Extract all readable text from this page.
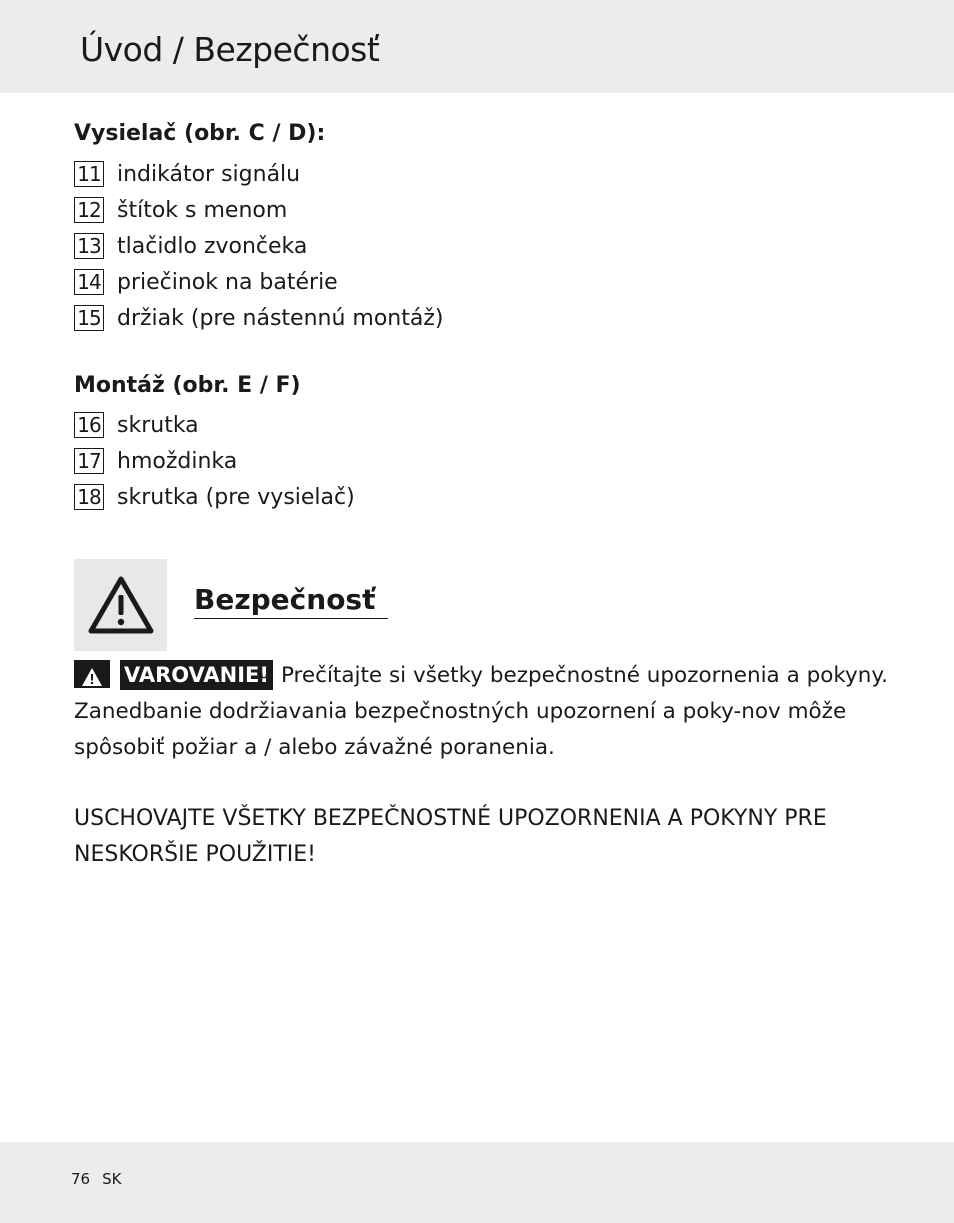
Úvod / Bezpečnosť
Vysielač (obr. C / D):
11 indikátor signálu
12 štítok s menom
13 tlačidlo zvončeka
14 priečinok na batérie
15 držiak (pre nástennú montáž)
Montáž (obr. E / F)
16 skrutka
17 hmoždinka
18 skrutka (pre vysielač)
Bezpečnosť

VAROVANIE! Prečítajte si všetky bezpečnostné upozornenia a pokyny. Zanedbanie dodržiavania bezpečnostných upozornení a poky-nov môže spôsobiť požiar a / alebo závažné poranenia.

USCHOVAJTE VŠETKY BEZPEČNOSTNÉ UPOZORNENIA A POKYNY PRE NESKORŠIE POUŽITIE!

76 SK
